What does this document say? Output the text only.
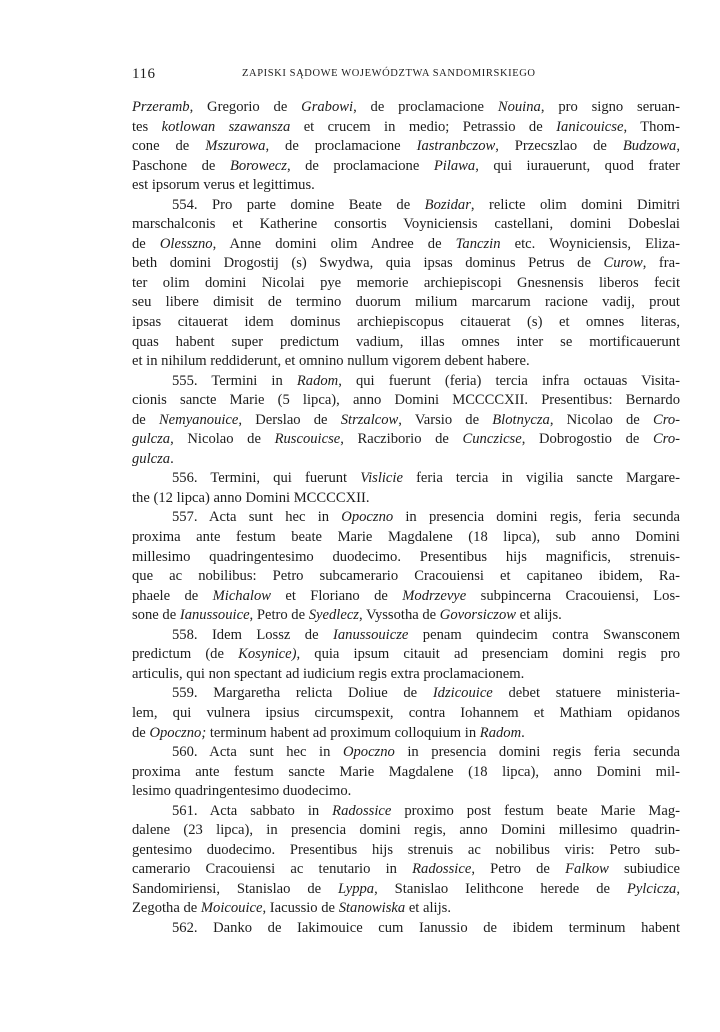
116	ZAPISKI SĄDOWE WOJEWÓDZTWA SANDOMIRSKIEGO
Przeramb, Gregorio de Grabowi, de proclamacione Nouina, pro signo seruan-
tes kotlowan szawansza et crucem in medio; Petrassio de Ianicouicse, Thom-
cone de Mszurowa, de proclamacione Iastranbczow, Przecszlao de Budzowa,
Paschone de Borowecz, de proclamacione Pilawa, qui iurauerunt, quod frater
est ipsorum verus et legittimus.
554. Pro parte domine Beate de Bozidar, relicte olim domini Dimitri
marschalconis et Katherine consortis Voyniciensis castellani, domini Dobeslai
de Olesszno, Anne domini olim Andree de Tanczin etc. Woyniciensis, Eliza-
beth domini Drogostij (s) Swydwa, quia ipsas dominus Petrus de Curow, fra-
ter olim domini Nicolai pye memorie archiepiscopi Gnesnensis liberos fecit
seu libere dimisit de termino duorum milium marcarum racione vadij, prout
ipsas citauerat idem dominus archiepiscopus citauerat (s) et omnes literas,
quas habent super predictum vadium, illas omnes inter se mortificauerunt
et in nihilum reddiderunt, et omnino nullum vigorem debent habere.
555. Termini in Radom, qui fuerunt (feria) tercia infra octauas Visita-
cionis sancte Marie (5 lipca), anno Domini MCCCCXII. Presentibus: Bernardo
de Nemyanouice, Derslao de Strzalcow, Varsio de Blotnycza, Nicolao de Cro-
gulcza, Nicolao de Ruscouicse, Racziborio de Cunczicse, Dobrogostio de Cro-
gulcza.
556. Termini, qui fuerunt Vislicie feria tercia in vigilia sancte Margare-
the (12 lipca) anno Domini MCCCCXII.
557. Acta sunt hec in Opoczno in presencia domini regis, feria secunda
proxima ante festum beate Marie Magdalene (18 lipca), sub anno Domini
millesimo quadringentesimo duodecimo. Presentibus hijs magnificis, strenuis-
que ac nobilibus: Petro subcamerario Cracouiensi et capitaneo ibidem, Ra-
phaele de Michalow et Floriano de Modrzevye subpincerna Cracouiensi, Los-
sone de Ianussouice, Petro de Syedlecz, Vyssotha de Govorsiczow et alijs.
558. Idem Lossz de Ianussouicze penam quindecim contra Swansconem
predictum (de Kosynice), quia ipsum citauit ad presenciam domini regis pro
articulis, qui non spectant ad iudicium regis extra proclamacionem.
559. Margaretha relicta Doliue de Idzicouice debet statuere ministeria-
lem, qui vulnera ipsius circumspexit, contra Iohannem et Mathiam opidanos
de Opoczno; terminum habent ad proximum colloquium in Radom.
560. Acta sunt hec in Opoczno in presencia domini regis feria secunda
proxima ante festum sancte Marie Magdalene (18 lipca), anno Domini mil-
lesimo quadringentesimo duodecimo.
561. Acta sabbato in Radossice proximo post festum beate Marie Mag-
dalene (23 lipca), in presencia domini regis, anno Domini millesimo quadrin-
gentesimo duodecimo. Presentibus hijs strenuis ac nobilibus viris: Petro sub-
camerario Cracouiensi ac tenutario in Radossice, Petro de Falkow subiudice
Sandomiriensi, Stanislao de Lyppa, Stanislao Ielithcone herede de Pylcicza,
Zegotha de Moicouice, Iacussio de Stanowiska et alijs.
562. Danko de Iakimouice cum Ianussio de ibidem terminum habent
